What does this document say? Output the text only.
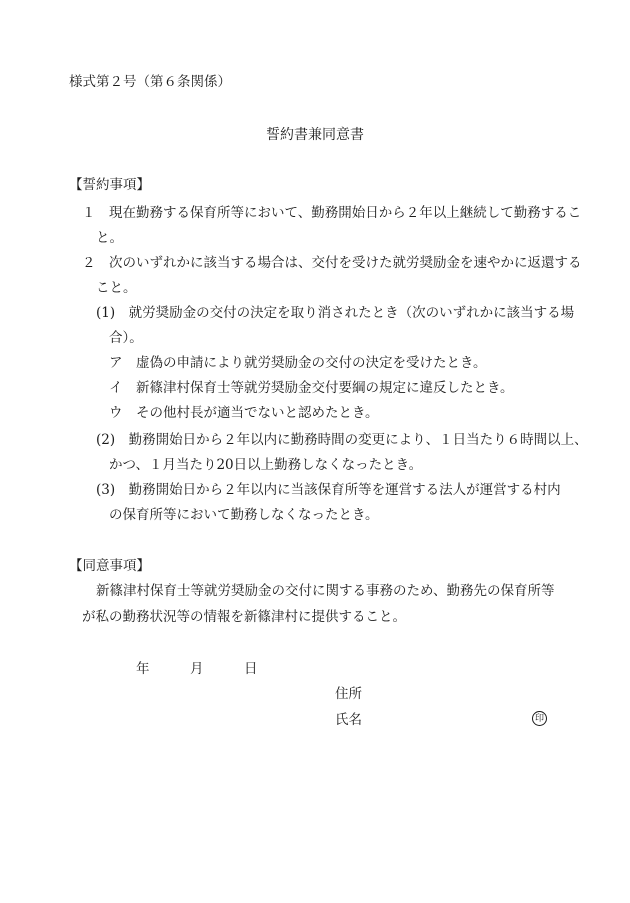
様式第２号（第６条関係）
誓約書兼同意書
【誓約事項】
１　現在勤務する保育所等において、勤務開始日から２年以上継続して勤務するこ
と。
２　次のいずれかに該当する場合は、交付を受けた就労奨励金を速やかに返還する
こと。
(1)　就労奨励金の交付の決定を取り消されたとき（次のいずれかに該当する場
合）。
ア　虚偽の申請により就労奨励金の交付の決定を受けたとき。
イ　新篠津村保育士等就労奨励金交付要綱の規定に違反したとき。
ウ　その他村長が適当でないと認めたとき。
(2)　勤務開始日から２年以内に勤務時間の変更により、１日当たり６時間以上、
かつ、１月当たり20日以上勤務しなくなったとき。
(3)　勤務開始日から２年以内に当該保育所等を運営する法人が運営する村内
の保育所等において勤務しなくなったとき。
【同意事項】
新篠津村保育士等就労奨励金の交付に関する事務のため、勤務先の保育所等
が私の勤務状況等の情報を新篠津村に提供すること。
年	月	日
住所
氏名	印
